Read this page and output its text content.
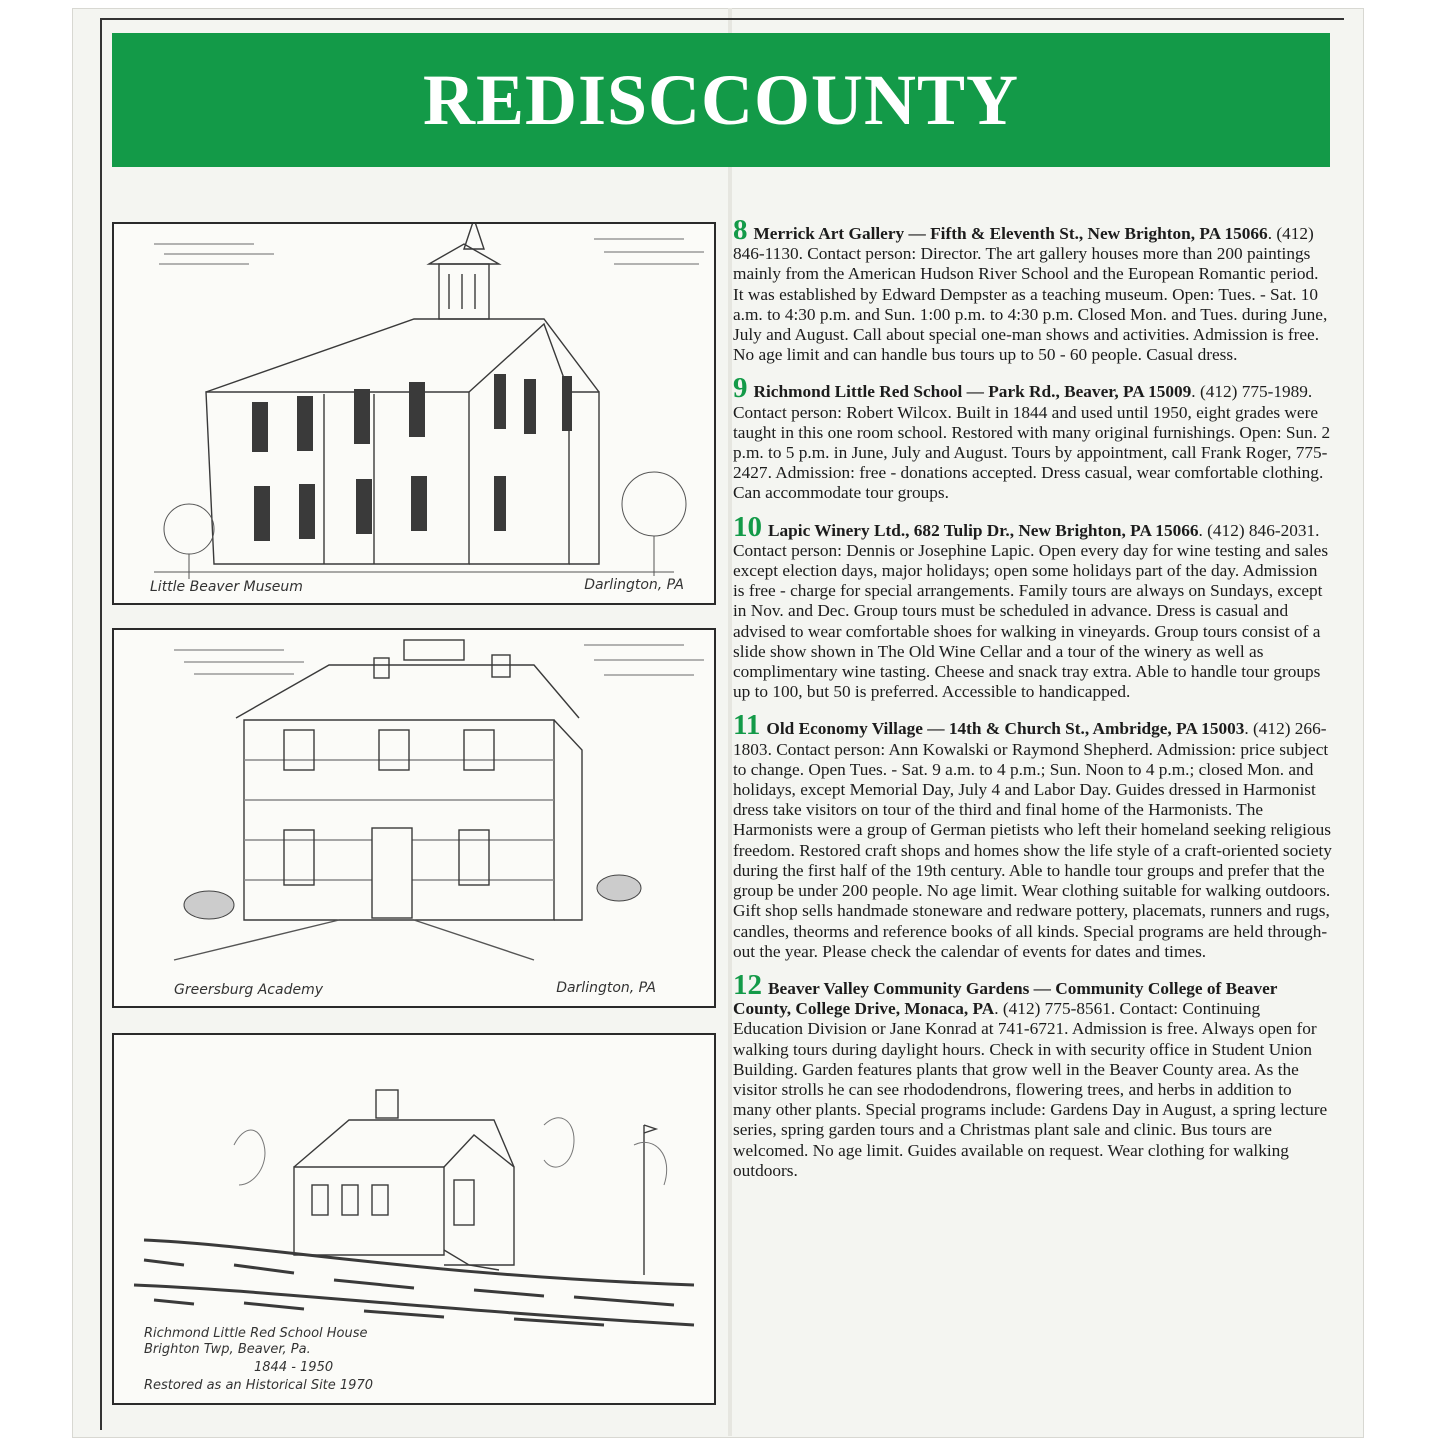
REDISCCOUNTY
Little Beaver Museum	Darlington, PA
Greersburg Academy	Darlington, PA
Richmond Little Red School House
Brighton Twp, Beaver, Pa.
1844 - 1950
Restored as an Historical Site 1970

8 Merrick Art Gallery — Fifth & Eleventh St., New Brighton, PA 15066. (412) 846-1130. Contact person: Director. The art gallery houses more than 200 paintings mainly from the American Hudson River School and the European Romantic period. It was established by Edward Dempster as a teaching museum. Open: Tues. - Sat. 10 a.m. to 4:30 p.m. and Sun. 1:00 p.m. to 4:30 p.m. Closed Mon. and Tues. during June, July and August. Call about special one-man shows and activities. Admission is free. No age limit and can handle bus tours up to 50 - 60 people. Casual dress.

9 Richmond Little Red School — Park Rd., Beaver, PA 15009. (412) 775-1989. Contact person: Robert Wilcox. Built in 1844 and used until 1950, eight grades were taught in this one room school. Restored with many original furnishings. Open: Sun. 2 p.m. to 5 p.m. in June, July and August. Tours by appointment, call Frank Roger, 775-2427. Admission: free - donations accepted. Dress casual, wear comfortable clothing. Can accommodate tour groups.

10 Lapic Winery Ltd., 682 Tulip Dr., New Brighton, PA 15066. (412) 846-2031. Contact person: Dennis or Josephine Lapic. Open every day for wine testing and sales except election days, major holidays; open some holidays part of the day. Admission is free - charge for special arrangements. Family tours are always on Sundays, except in Nov. and Dec. Group tours must be scheduled in advance. Dress is casual and advised to wear comfortable shoes for walking in vineyards. Group tours consist of a slide show shown in The Old Wine Cellar and a tour of the winery as well as complimentary wine tasting. Cheese and snack tray extra. Able to handle tour groups up to 100, but 50 is preferred. Accessible to handicapped.

11 Old Economy Village — 14th & Church St., Ambridge, PA 15003. (412) 266-1803. Contact person: Ann Kowalski or Raymond Shepherd. Admission: price subject to change. Open Tues. - Sat. 9 a.m. to 4 p.m.; Sun. Noon to 4 p.m.; closed Mon. and holidays, except Memorial Day, July 4 and Labor Day. Guides dressed in Harmonist dress take visitors on tour of the third and final home of the Harmonists. The Harmonists were a group of German pietists who left their homeland seeking religious freedom. Restored craft shops and homes show the life style of a craft-oriented society during the first half of the 19th century. Able to handle tour groups and prefer that the group be under 200 people. No age limit. Wear clothing suitable for walking outdoors. Gift shop sells handmade stoneware and redware pottery, placemats, runners and rugs, candles, theorms and reference books of all kinds. Special programs are held through-out the year. Please check the calendar of events for dates and times.

12 Beaver Valley Community Gardens — Community College of Beaver County, College Drive, Monaca, PA. (412) 775-8561. Contact: Continuing Education Division or Jane Konrad at 741-6721. Admission is free. Always open for walking tours during daylight hours. Check in with security office in Student Union Building. Garden features plants that grow well in the Beaver County area. As the visitor strolls he can see rhododendrons, flowering trees, and herbs in addition to many other plants. Special programs include: Gardens Day in August, a spring lecture series, spring garden tours and a Christmas plant sale and clinic. Bus tours are welcomed. No age limit. Guides available on request. Wear clothing for walking outdoors.
